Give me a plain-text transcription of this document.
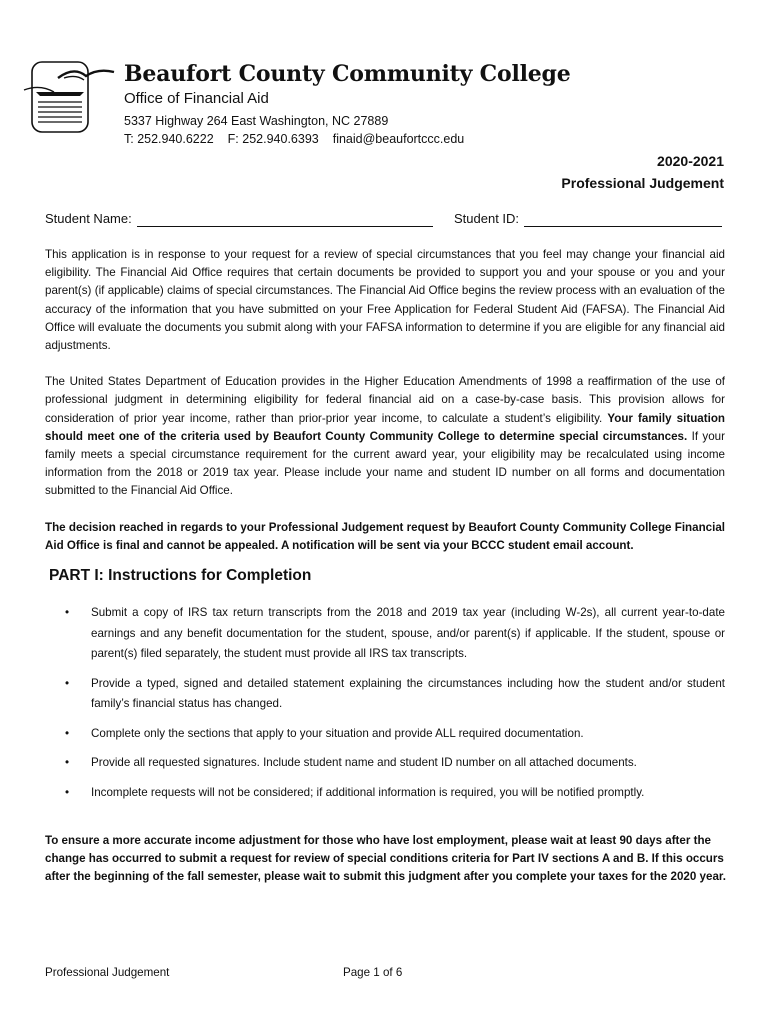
Beaufort County Community College
Office of Financial Aid
5337 Highway 264 East Washington, NC 27889
T: 252.940.6222 F: 252.940.6393 finaid@beaufortccc.edu
2020-2021
Professional Judgement
Student Name:	Student ID:

This application is in response to your request for a review of special circumstances that you feel may change your financial aid eligibility. The Financial Aid Office requires that certain documents be provided to support you and your spouse or you and your parent(s) (if applicable) claims of special circumstances. The Financial Aid Office begins the review process with an evaluation of the accuracy of the information that you have submitted on your Free Application for Federal Student Aid (FAFSA). The Financial Aid Office will evaluate the documents you submit along with your FAFSA information to determine if you are eligible for any financial aid adjustments.

The United States Department of Education provides in the Higher Education Amendments of 1998 a reaffirmation of the use of professional judgment in determining eligibility for federal financial aid on a case-by-case basis. This provision allows for consideration of prior year income, rather than prior-prior year income, to calculate a student’s eligibility. Your family situation should meet one of the criteria used by Beaufort County Community College to determine special circumstances. If your family meets a special circumstance requirement for the current award year, your eligibility may be recalculated using income information from the 2018 or 2019 tax year. Please include your name and student ID number on all forms and documentation submitted to the Financial Aid Office.

The decision reached in regards to your Professional Judgement request by Beaufort County Community College Financial Aid Office is final and cannot be appealed. A notification will be sent via your BCCC student email account.

PART I: Instructions for Completion
• Submit a copy of IRS tax return transcripts from the 2018 and 2019 tax year (including W-2s), all current year-to-date earnings and any benefit documentation for the student, spouse, and/or parent(s) if applicable. If the student, spouse or parent(s) filed separately, the student must provide all IRS tax transcripts.
• Provide a typed, signed and detailed statement explaining the circumstances including how the student and/or student family’s financial status has changed.
• Complete only the sections that apply to your situation and provide ALL required documentation.
• Provide all requested signatures. Include student name and student ID number on all attached documents.
• Incomplete requests will not be considered; if additional information is required, you will be notified promptly.
To ensure a more accurate income adjustment for those who have lost employment, please wait at least 90 days after the change has occurred to submit a request for review of special conditions criteria for Part IV sections A and B. If this occurs after the beginning of the fall semester, please wait to submit this judgment after you complete your taxes for the 2020 year.
Professional Judgement	Page 1 of 6
